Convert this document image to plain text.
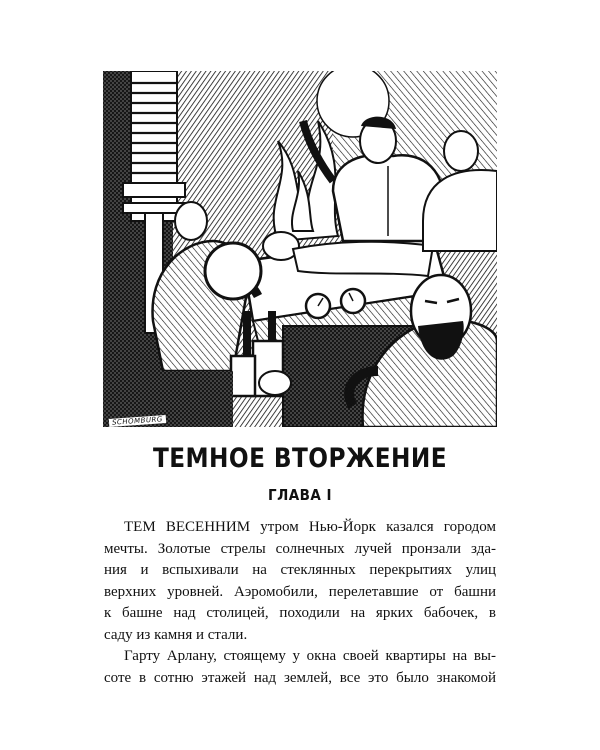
SCHOMBURG
ТЕМНОЕ ВТОРЖЕНИЕ
ГЛАВА I
ТЕМ ВЕСЕННИМ утром Нью-Йорк казался городом
мечты. Золотые стрелы солнечных лучей пронзали зда-
ния и вспыхивали на стеклянных перекрытиях улиц
верхних уровней. Аэромобили, перелетавшие от башни
к башне над столицей, походили на ярких бабочек, в
саду из камня и стали.
Гарту Арлану, стоящему у окна своей квартиры на вы-
соте в сотню этажей над землей, все это было знакомой
